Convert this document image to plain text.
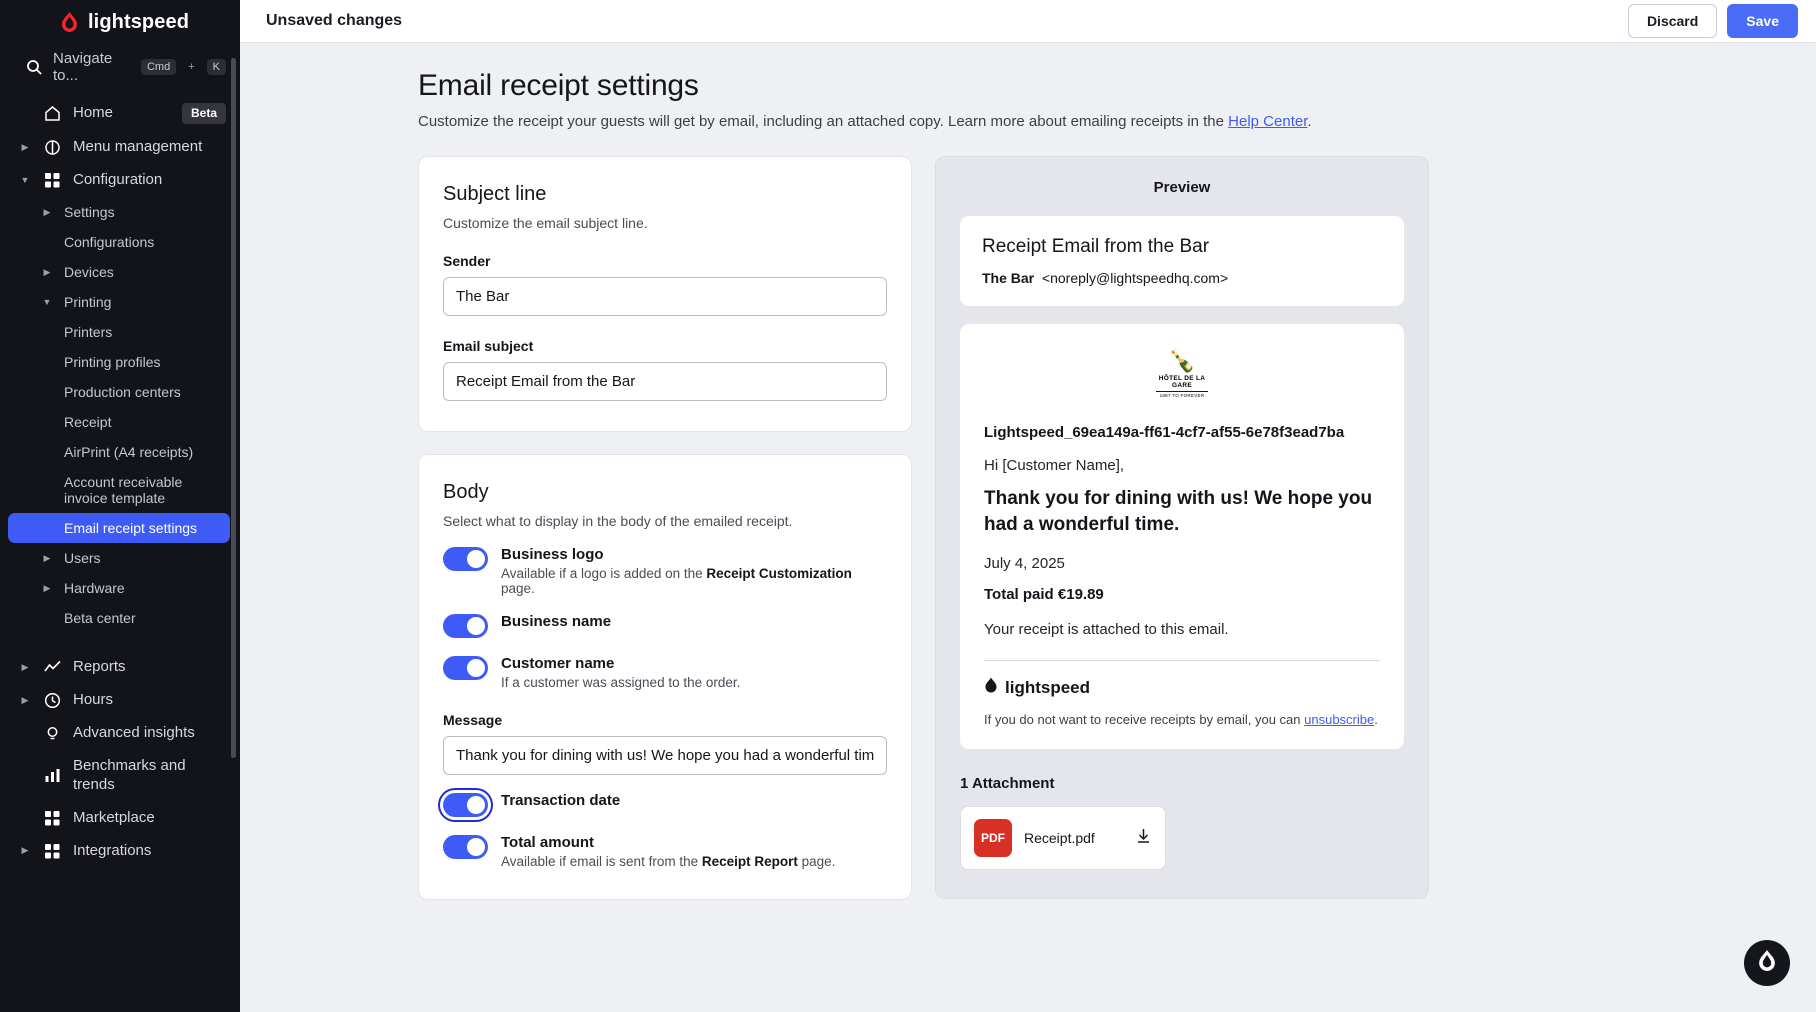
lightspeed
Navigate to...	Cmd	+	K
Home	Beta
▶	Menu management
▼	Configuration
▶ Settings
Configurations
▶ Devices
▼ Printing
Printers
Printing profiles
Production centers
Receipt
AirPrint (A4 receipts)
Account receivable invoice template
Email receipt settings
▶ Users
▶ Hardware
Beta center
▶	Reports
▶	Hours
Advanced insights
Benchmarks and trends
Marketplace
▶	Integrations
Unsaved changes	Discard	Save
Email receipt settings

Customize the receipt your guests will get by email, including an attached copy. Learn more about emailing receipts in the Help Center.

Subject line
Customize the email subject line.
Sender
The Bar
Email subject
Receipt Email from the Bar
Body
Select what to display in the body of the emailed receipt.
Business logo
Available if a logo is added on the Receipt Customization page.
Business name
Customer name
If a customer was assigned to the order.
Message
Thank you for dining with us! We hope you had a wonderful time.
Transaction date
Total amount
Available if email is sent from the Receipt Report page.
Preview
Receipt Email from the Bar
The Bar <noreply@lightspeedhq.com>
🍾
HÔTEL DE LA GARE
1887 TO FOREVER
Lightspeed_69ea149a-ff61-4cf7-af55-6e78f3ead7ba
Hi [Customer Name],
Thank you for dining with us! We hope you had a wonderful time.
July 4, 2025
Total paid €19.89
Your receipt is attached to this email.
lightspeed
If you do not want to receive receipts by email, you can unsubscribe.
1 Attachment
PDF	Receipt.pdf
